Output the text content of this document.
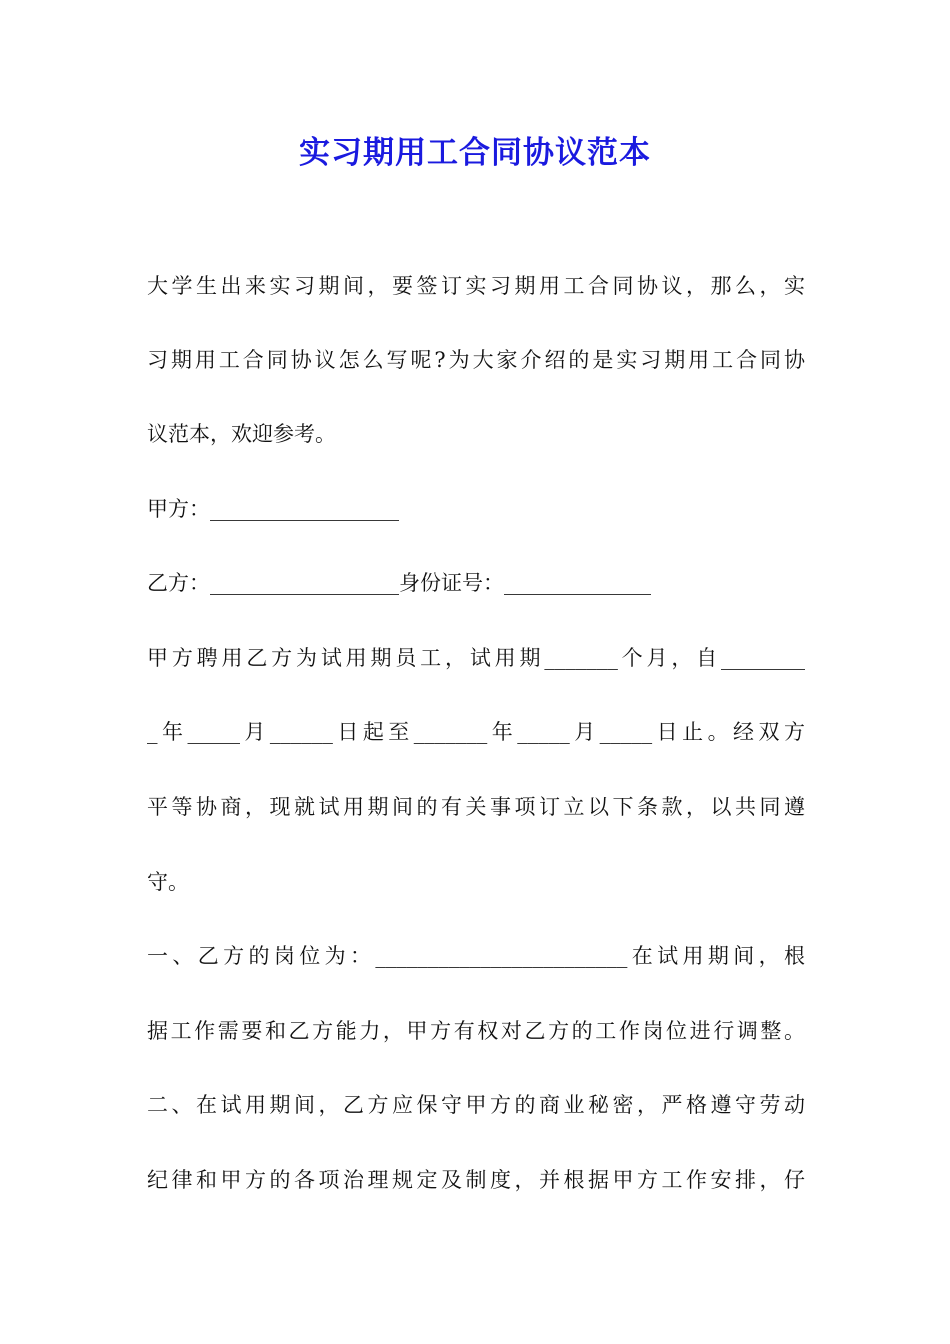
实习期用工合同协议范本
大学生出来实习期间，要签订实习期用工合同协议，那么，实
习期用工合同协议怎么写呢?为大家介绍的是实习期用工合同协
议范本，欢迎参考。
甲方：__________________
乙方：__________________身份证号：______________
甲方聘用乙方为试用期员工，试用期_______个月，自________
_年_____月______日起至_______年_____月_____日止。经双方
平等协商，现就试用期间的有关事项订立以下条款，以共同遵
守。
一、乙方的岗位为：________________________在试用期间，根
据工作需要和乙方能力，甲方有权对乙方的工作岗位进行调整。
二、在试用期间，乙方应保守甲方的商业秘密，严格遵守劳动
纪律和甲方的各项治理规定及制度，并根据甲方工作安排，仔
